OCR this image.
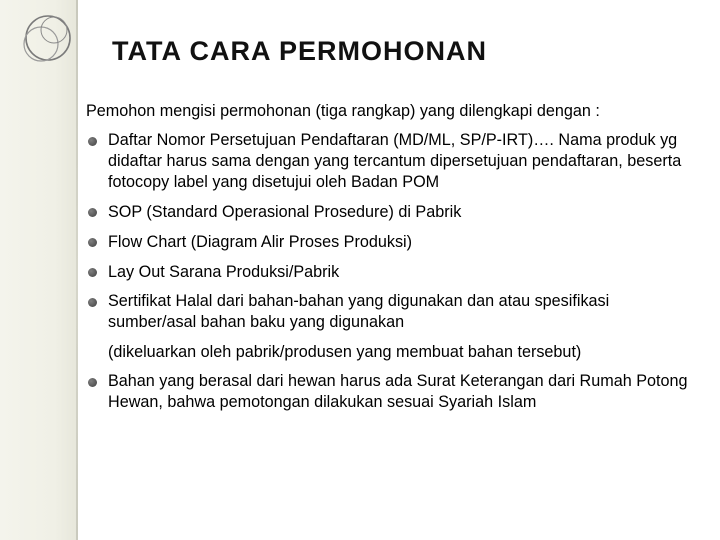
TATA CARA PERMOHONAN

Pemohon mengisi permohonan (tiga rangkap) yang dilengkapi dengan :

Daftar Nomor Persetujuan Pendaftaran (MD/ML, SP/P-IRT)…. Nama produk yg didaftar harus sama dengan yang tercantum dipersetujuan pendaftaran, beserta fotocopy label yang disetujui oleh Badan POM
SOP (Standard Operasional Prosedure) di Pabrik
Flow Chart (Diagram Alir Proses Produksi)
Lay Out Sarana Produksi/Pabrik
Sertifikat Halal dari bahan-bahan yang digunakan dan atau spesifikasi sumber/asal bahan baku yang digunakan
(dikeluarkan oleh pabrik/produsen yang membuat bahan tersebut)
Bahan yang berasal dari hewan harus ada Surat Keterangan dari Rumah Potong Hewan, bahwa pemotongan dilakukan sesuai Syariah Islam
